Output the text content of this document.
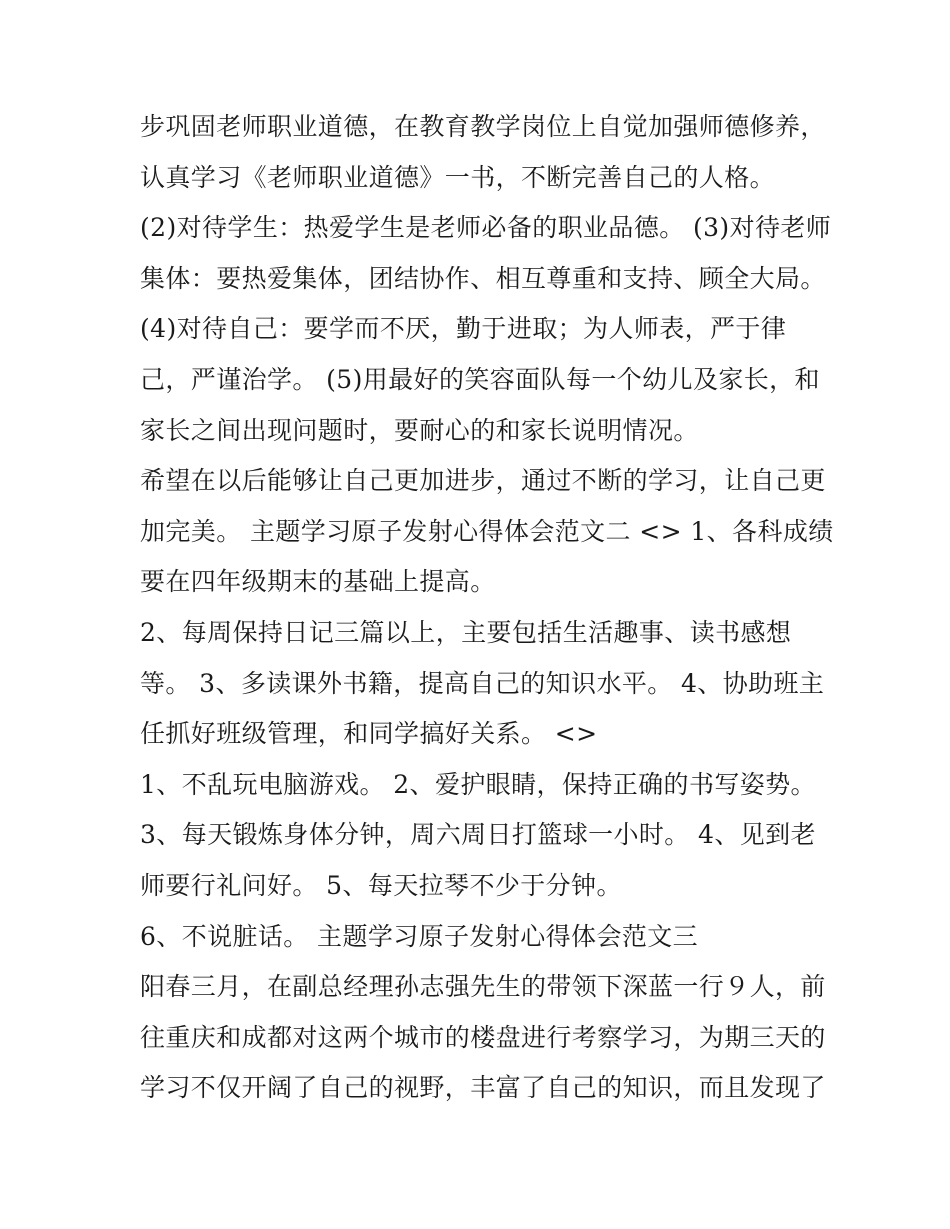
步巩固老师职业道德，在教育教学岗位上自觉加强师德修养，
认真学习《老师职业道德》一书，不断完善自己的人格。
(2)对待学生：热爱学生是老师必备的职业品德。 (3)对待老师
集体：要热爱集体，团结协作、相互尊重和支持、顾全大局。
(4)对待自己：要学而不厌，勤于进取；为人师表，严于律
己，严谨治学。 (5)用最好的笑容面队每一个幼儿及家长，和
家长之间出现问题时，要耐心的和家长说明情况。
希望在以后能够让自己更加进步，通过不断的学习，让自己更
加完美。 主题学习原子发射心得体会范文二 <> 1、各科成绩
要在四年级期末的基础上提高。
2、每周保持日记三篇以上，主要包括生活趣事、读书感想
等。 3、多读课外书籍，提高自己的知识水平。 4、协助班主
任抓好班级管理，和同学搞好关系。 <>
1、不乱玩电脑游戏。 2、爱护眼睛，保持正确的书写姿势。
3、每天锻炼身体分钟，周六周日打篮球一小时。 4、见到老
师要行礼问好。 5、每天拉琴不少于分钟。
6、不说脏话。 主题学习原子发射心得体会范文三
阳春三月，在副总经理孙志强先生的带领下深蓝一行９人，前
往重庆和成都对这两个城市的楼盘进行考察学习，为期三天的
学习不仅开阔了自己的视野，丰富了自己的知识，而且发现了
